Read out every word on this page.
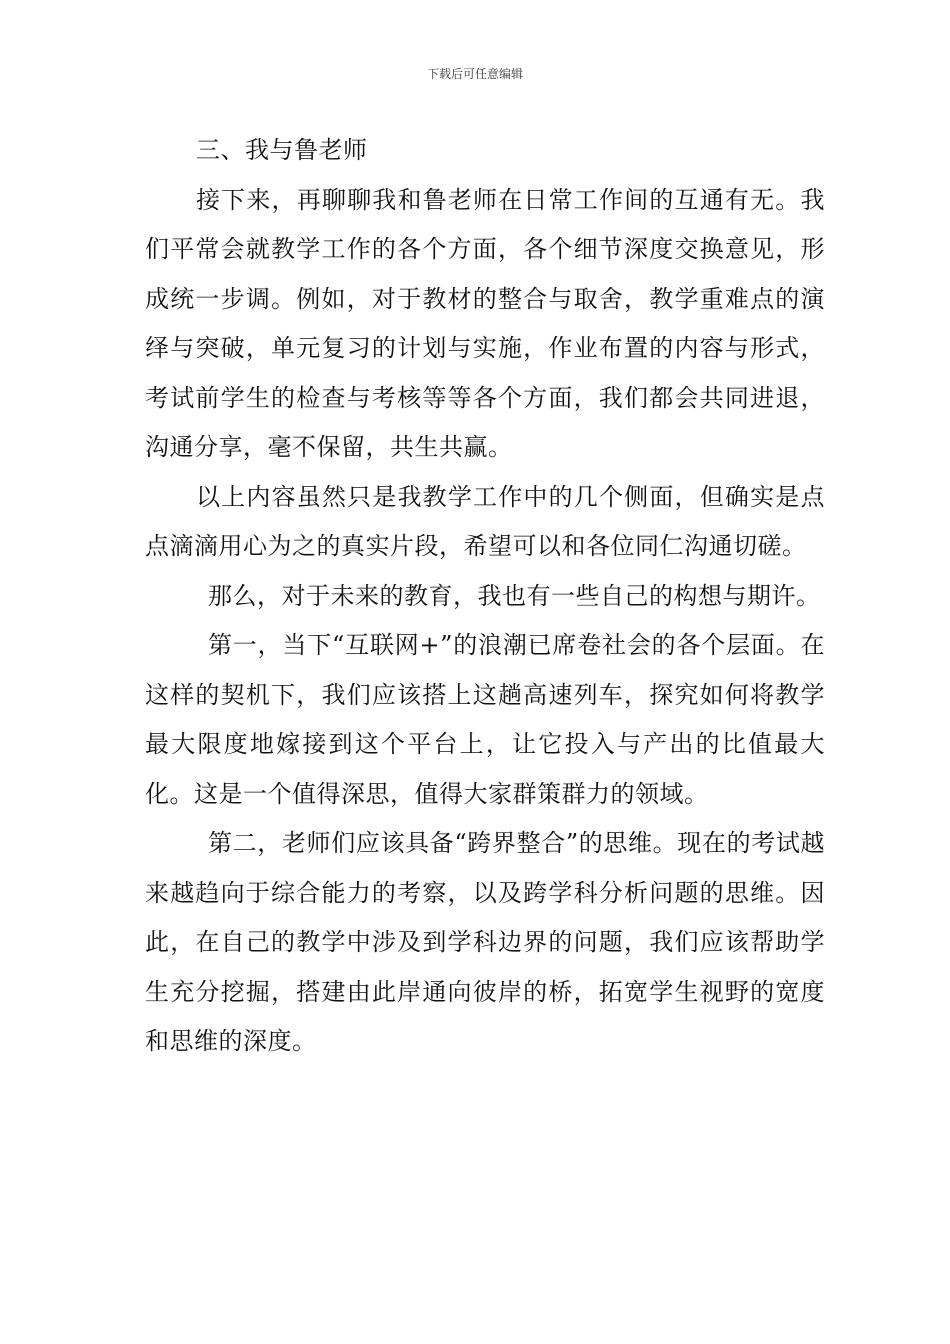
下载后可任意编辑

三、我与鲁老师

接下来，再聊聊我和鲁老师在日常工作间的互通有无。我们平常会就教学工作的各个方面，各个细节深度交换意见，形成统一步调。例如，对于教材的整合与取舍，教学重难点的演绎与突破，单元复习的计划与实施，作业布置的内容与形式，考试前学生的检查与考核等等各个方面，我们都会共同进退，沟通分享，毫不保留，共生共赢。

以上内容虽然只是我教学工作中的几个侧面，但确实是点点滴滴用心为之的真实片段，希望可以和各位同仁沟通切磋。

那么，对于未来的教育，我也有一些自己的构想与期许。

第一，当下“互联网+”的浪潮已席卷社会的各个层面。在这样的契机下，我们应该搭上这趟高速列车，探究如何将教学最大限度地嫁接到这个平台上，让它投入与产出的比值最大化。这是一个值得深思，值得大家群策群力的领域。

第二，老师们应该具备“跨界整合”的思维。现在的考试越来越趋向于综合能力的考察，以及跨学科分析问题的思维。因此，在自己的教学中涉及到学科边界的问题，我们应该帮助学生充分挖掘，搭建由此岸通向彼岸的桥，拓宽学生视野的宽度和思维的深度。
